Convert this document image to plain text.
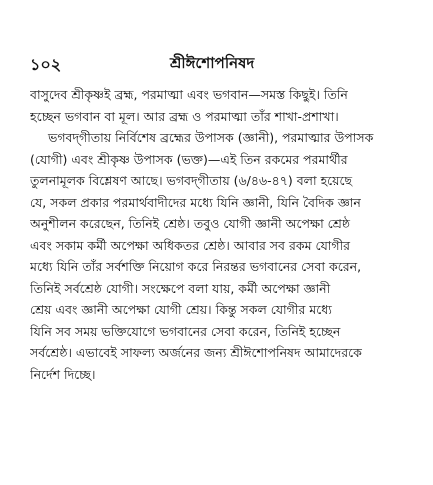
১০২	শ্রীঈশোপনিষদ
বাসুদেব শ্রীকৃষ্ণই ব্রহ্ম, পরমাত্মা এবং ভগবান—সমস্ত কিছুই। তিনি
হচ্ছেন ভগবান বা মূল। আর ব্রহ্ম ও পরমাত্মা তাঁর শাখা-প্রশাখা।
ভগবদ্‌গীতায় নির্বিশেষ ব্রহ্মের উপাসক (জ্ঞানী), পরমাত্মার উপাসক
(যোগী) এবং শ্রীকৃষ্ণ উপাসক (ভক্ত)—এই তিন রকমের পরমার্থীর
তুলনামূলক বিশ্লেষণ আছে। ভগবদ্‌গীতায় (৬/৪৬-৪৭) বলা হয়েছে
যে, সকল প্রকার পরমার্থবাদীদের মধ্যে যিনি জ্ঞানী, যিনি বৈদিক জ্ঞান
অনুশীলন করেছেন, তিনিই শ্রেষ্ঠ। তবুও যোগী জ্ঞানী অপেক্ষা শ্রেষ্ঠ
এবং সকাম কর্মী অপেক্ষা অধিকতর শ্রেষ্ঠ। আবার সব রকম যোগীর
মধ্যে যিনি তাঁর সর্বশক্তি নিয়োগ করে নিরন্তর ভগবানের সেবা করেন,
তিনিই সর্বশ্রেষ্ঠ যোগী। সংক্ষেপে বলা যায়, কর্মী অপেক্ষা জ্ঞানী
শ্রেয় এবং জ্ঞানী অপেক্ষা যোগী শ্রেয়। কিন্তু সকল যোগীর মধ্যে
যিনি সব সময় ভক্তিযোগে ভগবানের সেবা করেন, তিনিই হচ্ছেন
সর্বশ্রেষ্ঠ। এভাবেই সাফল্য অর্জনের জন্য শ্রীঈশোপনিষদ আমাদেরকে
নির্দেশ দিচ্ছে।
